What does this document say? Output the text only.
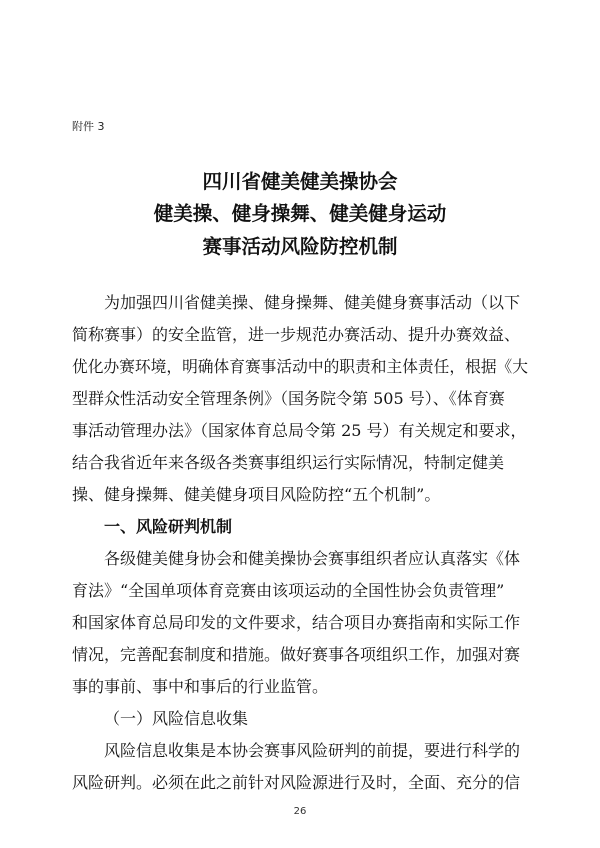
附件 3
四川省健美健美操协会
健美操、健身操舞、健美健身运动
赛事活动风险防控机制
为加强四川省健美操、健身操舞、健美健身赛事活动（以下
简称赛事）的安全监管，进一步规范办赛活动、提升办赛效益、
优化办赛环境，明确体育赛事活动中的职责和主体责任，根据《大
型群众性活动安全管理条例》（国务院令第 505 号）、《体育赛
事活动管理办法》（国家体育总局令第 25 号）有关规定和要求，
结合我省近年来各级各类赛事组织运行实际情况，特制定健美
操、健身操舞、健美健身项目风险防控“五个机制”。
一、风险研判机制
各级健美健身协会和健美操协会赛事组织者应认真落实《体
育法》“全国单项体育竞赛由该项运动的全国性协会负责管理”
和国家体育总局印发的文件要求，结合项目办赛指南和实际工作
情况，完善配套制度和措施。做好赛事各项组织工作，加强对赛
事的事前、事中和事后的行业监管。
（一）风险信息收集
风险信息收集是本协会赛事风险研判的前提，要进行科学的
风险研判。必须在此之前针对风险源进行及时，全面、充分的信
26
